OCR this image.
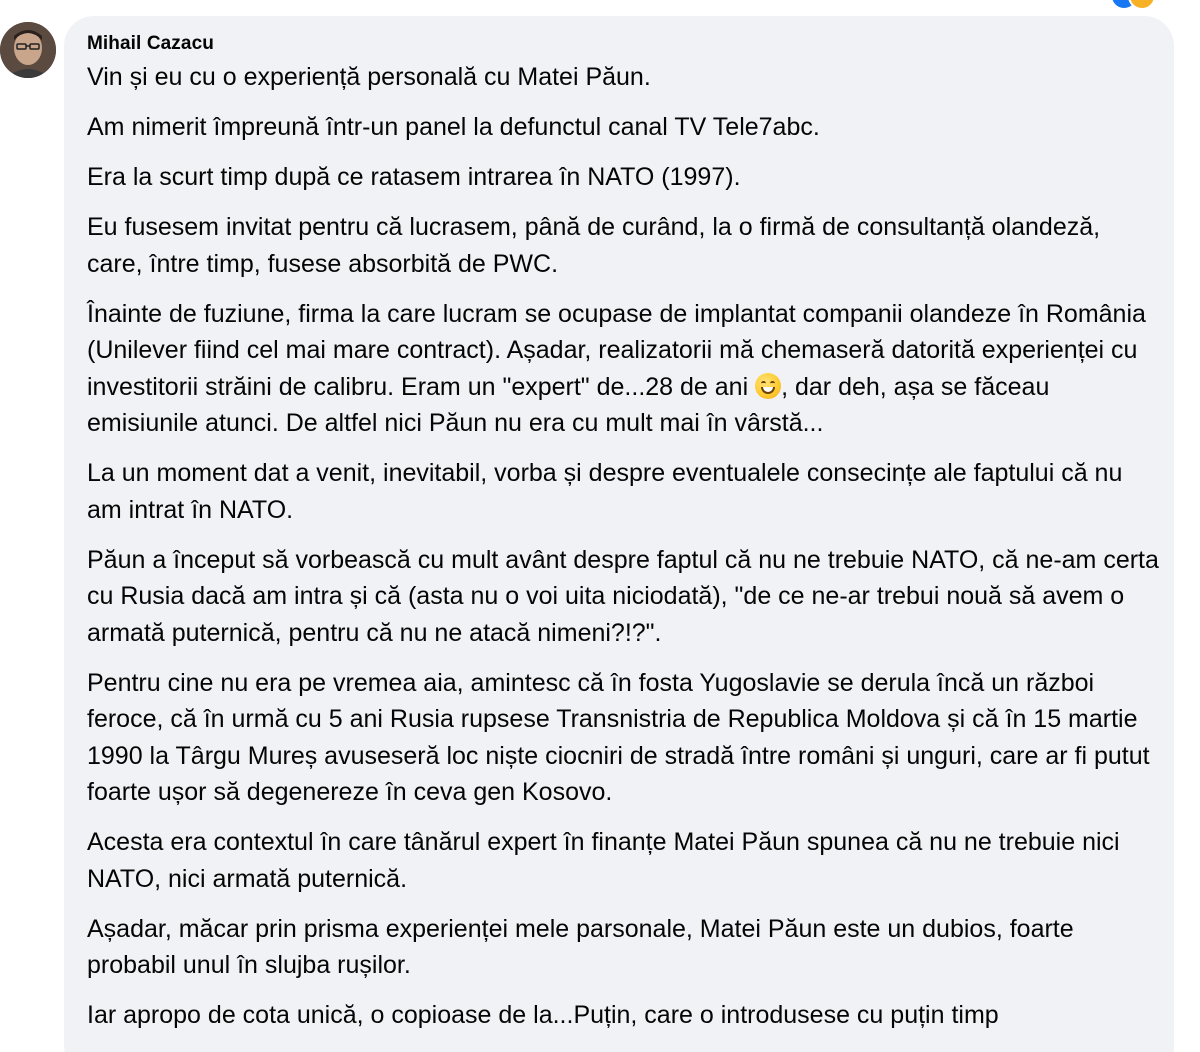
Mihail Cazacu

Vin și eu cu o experiență personală cu Matei Păun.

Am nimerit împreună într-un panel la defunctul canal TV Tele7abc.

Era la scurt timp după ce ratasem intrarea în NATO (1997).

Eu fusesem invitat pentru că lucrasem, până de curând, la o firmă de consultanță olandeză, care, între timp, fusese absorbită de PWC.

Înainte de fuziune, firma la care lucram se ocupase de implantat companii olandeze în România (Unilever fiind cel mai mare contract). Așadar, realizatorii mă chemaseră datorită experienței cu investitorii străini de calibru. Eram un "expert" de...28 de ani , dar deh, așa se făceau emisiunile atunci. De altfel nici Păun nu era cu mult mai în vârstă...

La un moment dat a venit, inevitabil, vorba și despre eventualele consecințe ale faptului că nu am intrat în NATO.

Păun a început să vorbească cu mult avânt despre faptul că nu ne trebuie NATO, că ne-am certa cu Rusia dacă am intra și că (asta nu o voi uita niciodată), "de ce ne-ar trebui nouă să avem o armată puternică, pentru că nu ne atacă nimeni?!?".

Pentru cine nu era pe vremea aia, amintesc că în fosta Yugoslavie se derula încă un război feroce, că în urmă cu 5 ani Rusia rupsese Transnistria de Republica Moldova și că în 15 martie 1990 la Târgu Mureș avuseseră loc niște ciocniri de stradă între români și unguri, care ar fi putut foarte ușor să degenereze în ceva gen Kosovo.

Acesta era contextul în care tânărul expert în finanțe Matei Păun spunea că nu ne trebuie nici NATO, nici armată puternică.

Așadar, măcar prin prisma experienței mele parsonale, Matei Păun este un dubios, foarte probabil unul în slujba rușilor.

Iar apropo de cota unică, o copioase de la...Puțin, care o introdusese cu puțin timp
